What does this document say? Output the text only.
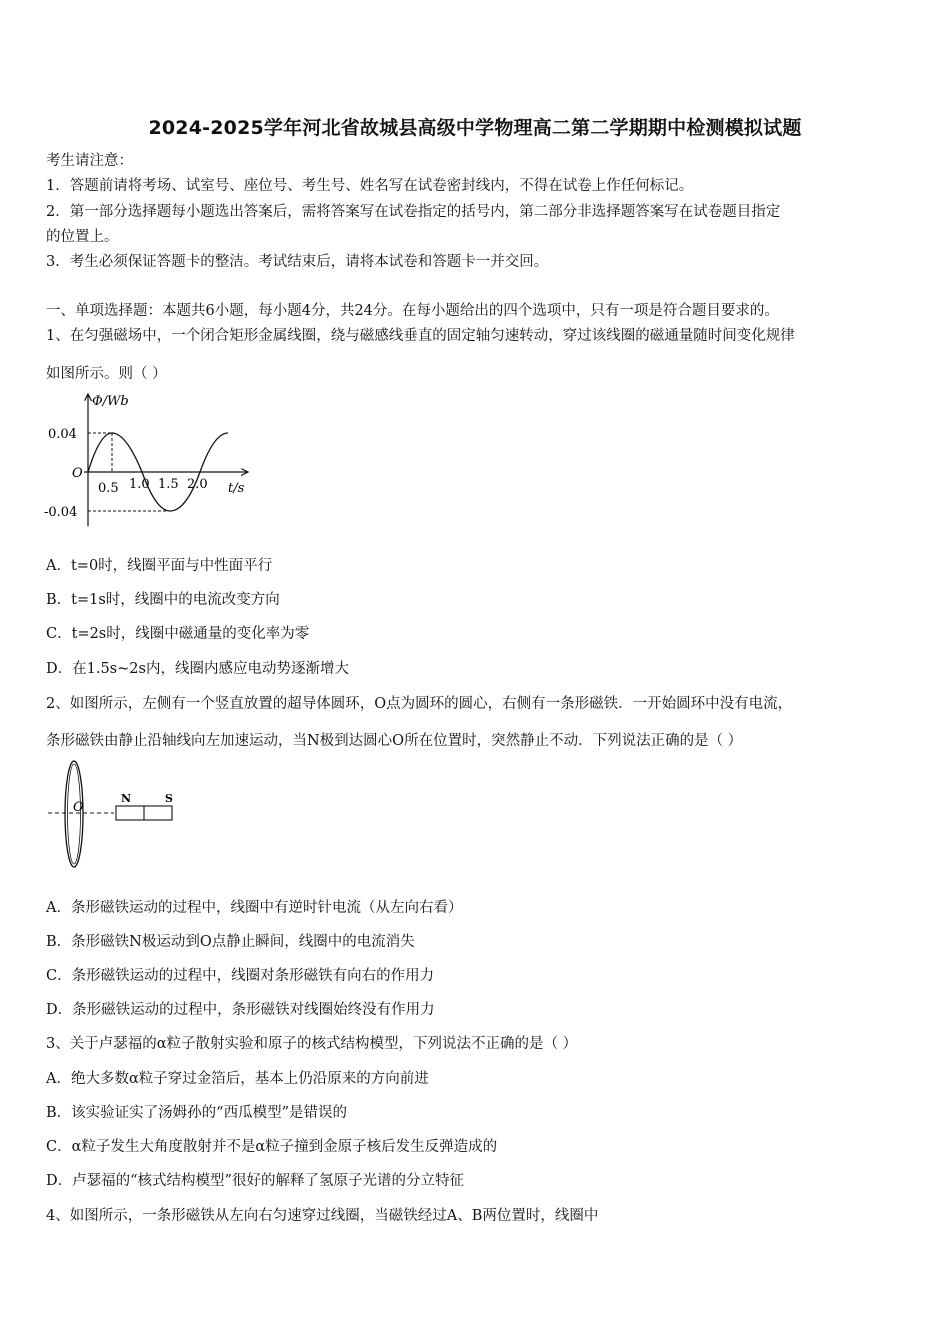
2024-2025学年河北省故城县高级中学物理高二第二学期期中检测模拟试题
考生请注意：
1．答题前请将考场、试室号、座位号、考生号、姓名写在试卷密封线内，不得在试卷上作任何标记。
2．第一部分选择题每小题选出答案后，需将答案写在试卷指定的括号内，第二部分非选择题答案写在试卷题目指定
的位置上。
3．考生必须保证答题卡的整洁。考试结束后，请将本试卷和答题卡一并交回。
一、单项选择题：本题共6小题，每小题4分，共24分。在每小题给出的四个选项中，只有一项是符合题目要求的。
1、在匀强磁场中，一个闭合矩形金属线圈，绕与磁感线垂直的固定轴匀速转动，穿过该线圈的磁通量随时间变化规律
如图所示。则（ ）
Φ/Wb
t/s
O
0.04
-0.04
0.5 1.0 1.5 2.0
A．t=0时，线圈平面与中性面平行
B．t=1s时，线圈中的电流改变方向
C．t=2s时，线圈中磁通量的变化率为零
D．在1.5s~2s内，线圈内感应电动势逐渐增大
2、如图所示，左侧有一个竖直放置的超导体圆环，O点为圆环的圆心，右侧有一条形磁铁．一开始圆环中没有电流，
条形磁铁由静止沿轴线向左加速运动，当N极到达圆心O所在位置时，突然静止不动．下列说法正确的是（ ）
O
N	S
A．条形磁铁运动的过程中，线圈中有逆时针电流（从左向右看）
B．条形磁铁N极运动到O点静止瞬间，线圈中的电流消失
C．条形磁铁运动的过程中，线圈对条形磁铁有向右的作用力
D．条形磁铁运动的过程中，条形磁铁对线圈始终没有作用力
3、关于卢瑟福的α粒子散射实验和原子的核式结构模型，下列说法不正确的是（ ）
A．绝大多数α粒子穿过金箔后，基本上仍沿原来的方向前进
B．该实验证实了汤姆孙的“西瓜模型”是错误的
C．α粒子发生大角度散射并不是α粒子撞到金原子核后发生反弹造成的
D．卢瑟福的“核式结构模型”很好的解释了氢原子光谱的分立特征
4、如图所示，一条形磁铁从左向右匀速穿过线圈，当磁铁经过A、B两位置时，线圈中
